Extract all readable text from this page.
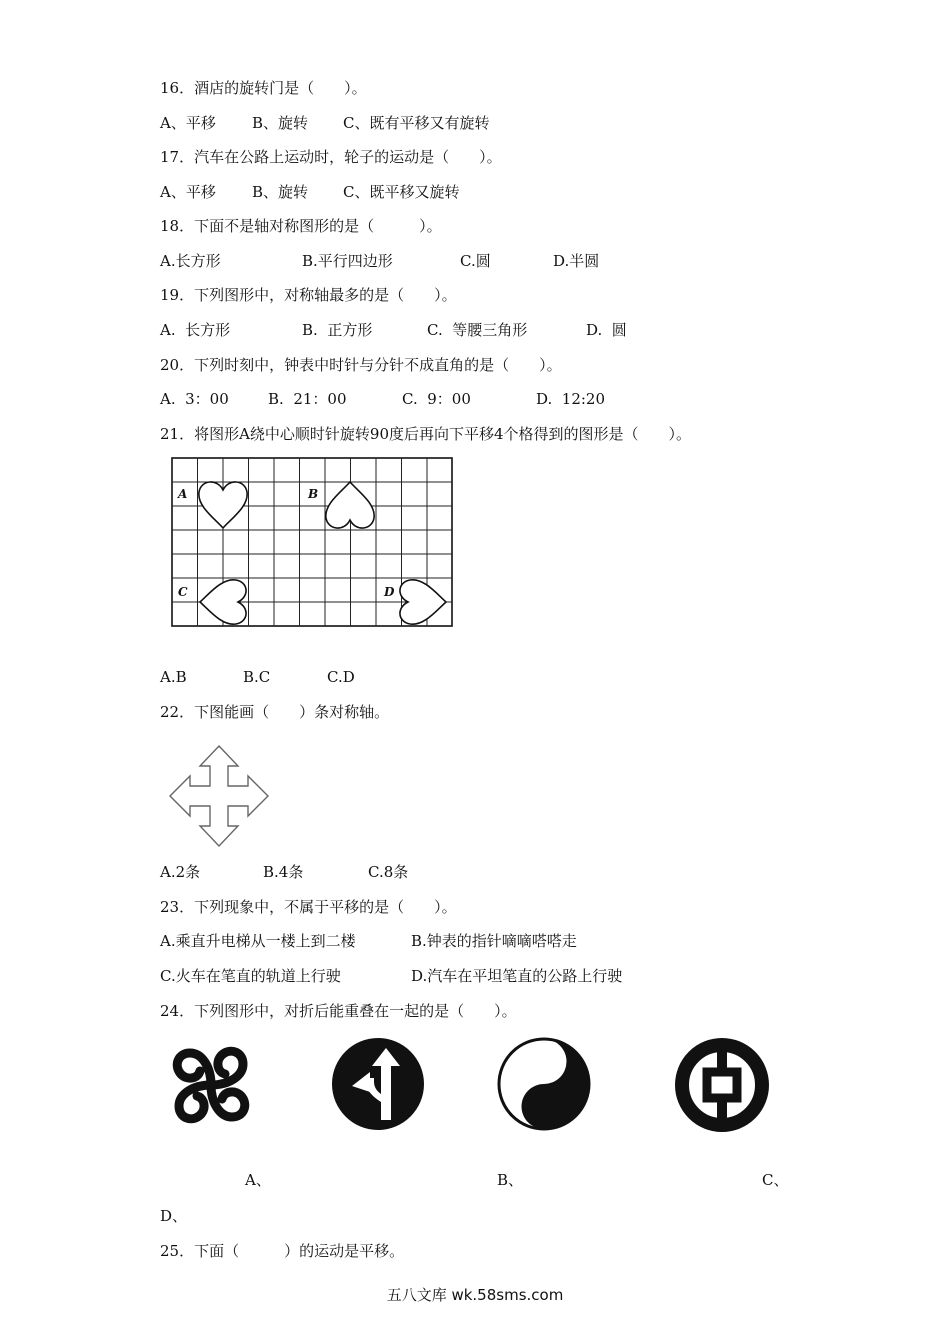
16．酒店的旋转门是（　　）。
A、平移 B、旋转 C、既有平移又有旋转
17．汽车在公路上运动时，轮子的运动是（　　）。
A、平移 B、旋转 C、既平移又旋转
18．下面不是轴对称图形的是（　　　）。
A.长方形	B.平行四边形	C.圆	D.半圆
19．下列图形中，对称轴最多的是（　　）。
A.  长方形	B.  正方形	C.  等腰三角形	D.  圆
20．下列时刻中，钟表中时针与分针不成直角的是（　　）。
A.  3：00	B.  21：00	C.  9：00	D.  12:20
21．将图形A绕中心顺时针旋转90度后再向下平移4个格得到的图形是（　　）。
A	B
C	D
A.B	B.C	C.D
22．下图能画（　　）条对称轴。
A.2条	B.4条	C.8条
23．下列现象中，不属于平移的是（　　）。
A.乘直升电梯从一楼上到二楼	B.钟表的指针嘀嘀嗒嗒走
C.火车在笔直的轨道上行驶	D.汽车在平坦笔直的公路上行驶
24．下列图形中，对折后能重叠在一起的是（　　）。
A、	B、	C、
D、
25．下面（　　　）的运动是平移。
五八文库 wk.58sms.com
